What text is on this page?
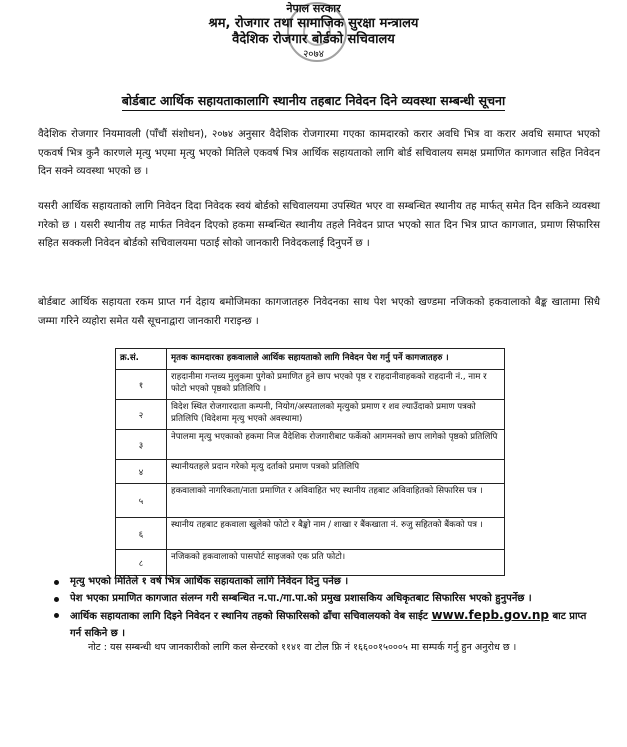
नेपाल सरकार
श्रम, रोजगार तथा सामाजिक सुरक्षा मन्त्रालय
वैदेशिक रोजगार बोर्डको सचिवालय
२०७४
बोर्डबाट आर्थिक सहायताकालागि स्थानीय तहबाट निवेदन दिने व्यवस्था सम्बन्धी सूचना
वैदेशिक रोजगार नियमावली (पाँचौं संशोधन), २०७४ अनुसार वैदेशिक रोजगारमा गएका कामदारको करार अवधि भित्र वा करार अवधि समाप्त भएको एकवर्ष भित्र कुनै कारणले मृत्यु भएमा मृत्यु भएको मितिले एकवर्ष भित्र आर्थिक सहायताको लागि बोर्ड सचिवालय समक्ष प्रमाणित कागजात सहित निवेदन दिन सक्ने व्यवस्था भएको छ ।
यसरी आर्थिक सहायताको लागि निवेदन दिदा निवेदक स्वयं बोर्डको सचिवालयमा उपस्थित भएर वा सम्बन्धित स्थानीय तह मार्फत् समेत दिन सकिने व्यवस्था गरेको छ । यसरी स्थानीय तह मार्फत निवेदन दिएको हकमा सम्बन्धित स्थानीय तहले निवेदन प्राप्त भएको सात दिन भित्र प्राप्त कागजात, प्रमाण सिफारिस सहित सक्कली निवेदन बोर्डको सचिवालयमा पठाई सोको जानकारी निवेदकलाई दिनुपर्ने छ ।
बोर्डबाट आर्थिक सहायता रकम प्राप्त गर्न देहाय बमोजिमका कागजातहरु निवेदनका साथ पेश भएको खण्डमा नजिकको हकवालाको बैङ्क खातामा सिधै जम्मा गरिने व्यहोरा समेत यसै सूचनाद्वारा जानकारी गराइन्छ ।
क्र.सं.	मृतक कामदारका हकवालाले आर्थिक सहायताको लागि निवेदन पेश गर्नु पर्ने कागजातहरु ।
१	राहदानीमा गन्तव्य मुलुकमा पुगेको प्रमाणित हुने छाप भएको पृष्ठ र राहदानीवाहकको राहदानी नं., नाम र फोटो भएको पृष्ठको प्रतिलिपि ।
२	विदेश स्थित रोजगारदाता कम्पनी, नियोग/अस्पतालको मृत्युको प्रमाण र शव ल्याउँदाको प्रमाण पत्रको प्रतिलिपि (विदेशमा मृत्यु भएको अवस्थामा)
३	नेपालमा मृत्यु भएकाको हकमा निज वैदेशिक रोजगारीबाट फर्केको आगमनको छाप लागेको पृष्ठको प्रतिलिपि
४	स्थानीयतहले प्रदान गरेको मृत्यु दर्ताको प्रमाण पत्रको प्रतिलिपि
५	हकवालाको नागरिकता/नाता प्रमाणित र अविवाहित भए स्थानीय तहबाट अविवाहितको सिफारिस पत्र ।
६	स्थानीय तहबाट हकवाला खुलेको फोटो र बैङ्को नाम / शाखा र बैंकखाता नं. रुजु सहितको बैंकको पत्र ।
८	नजिकको हकवालाको पासपोर्ट साइजको एक प्रति फोटो।
मृत्यु भएको मितिले १ वर्ष भित्र आर्थिक सहायताको लागि निवेदन दिनु पर्नेछ ।
पेश भएका प्रमाणित कागजात संलग्न गरी सम्बन्धित न.पा./गा.पा.को प्रमुख प्रशासकिय अधिकृतबाट सिफारिस भएको हुनुपर्नेछ ।
आर्थिक सहायताका लागि दिइने निवेदन र स्थानिय तहको सिफारिसको ढाँचा सचिवालयको वेब साईट www.fepb.gov.np बाट प्राप्त गर्न सकिने छ ।
नोट : यस सम्बन्धी थप जानकारीको लागि कल सेन्टरको ११४१ वा टोल फ्रि नं १६६००१५०००५ मा सम्पर्क गर्नु हुन अनुरोध छ ।
